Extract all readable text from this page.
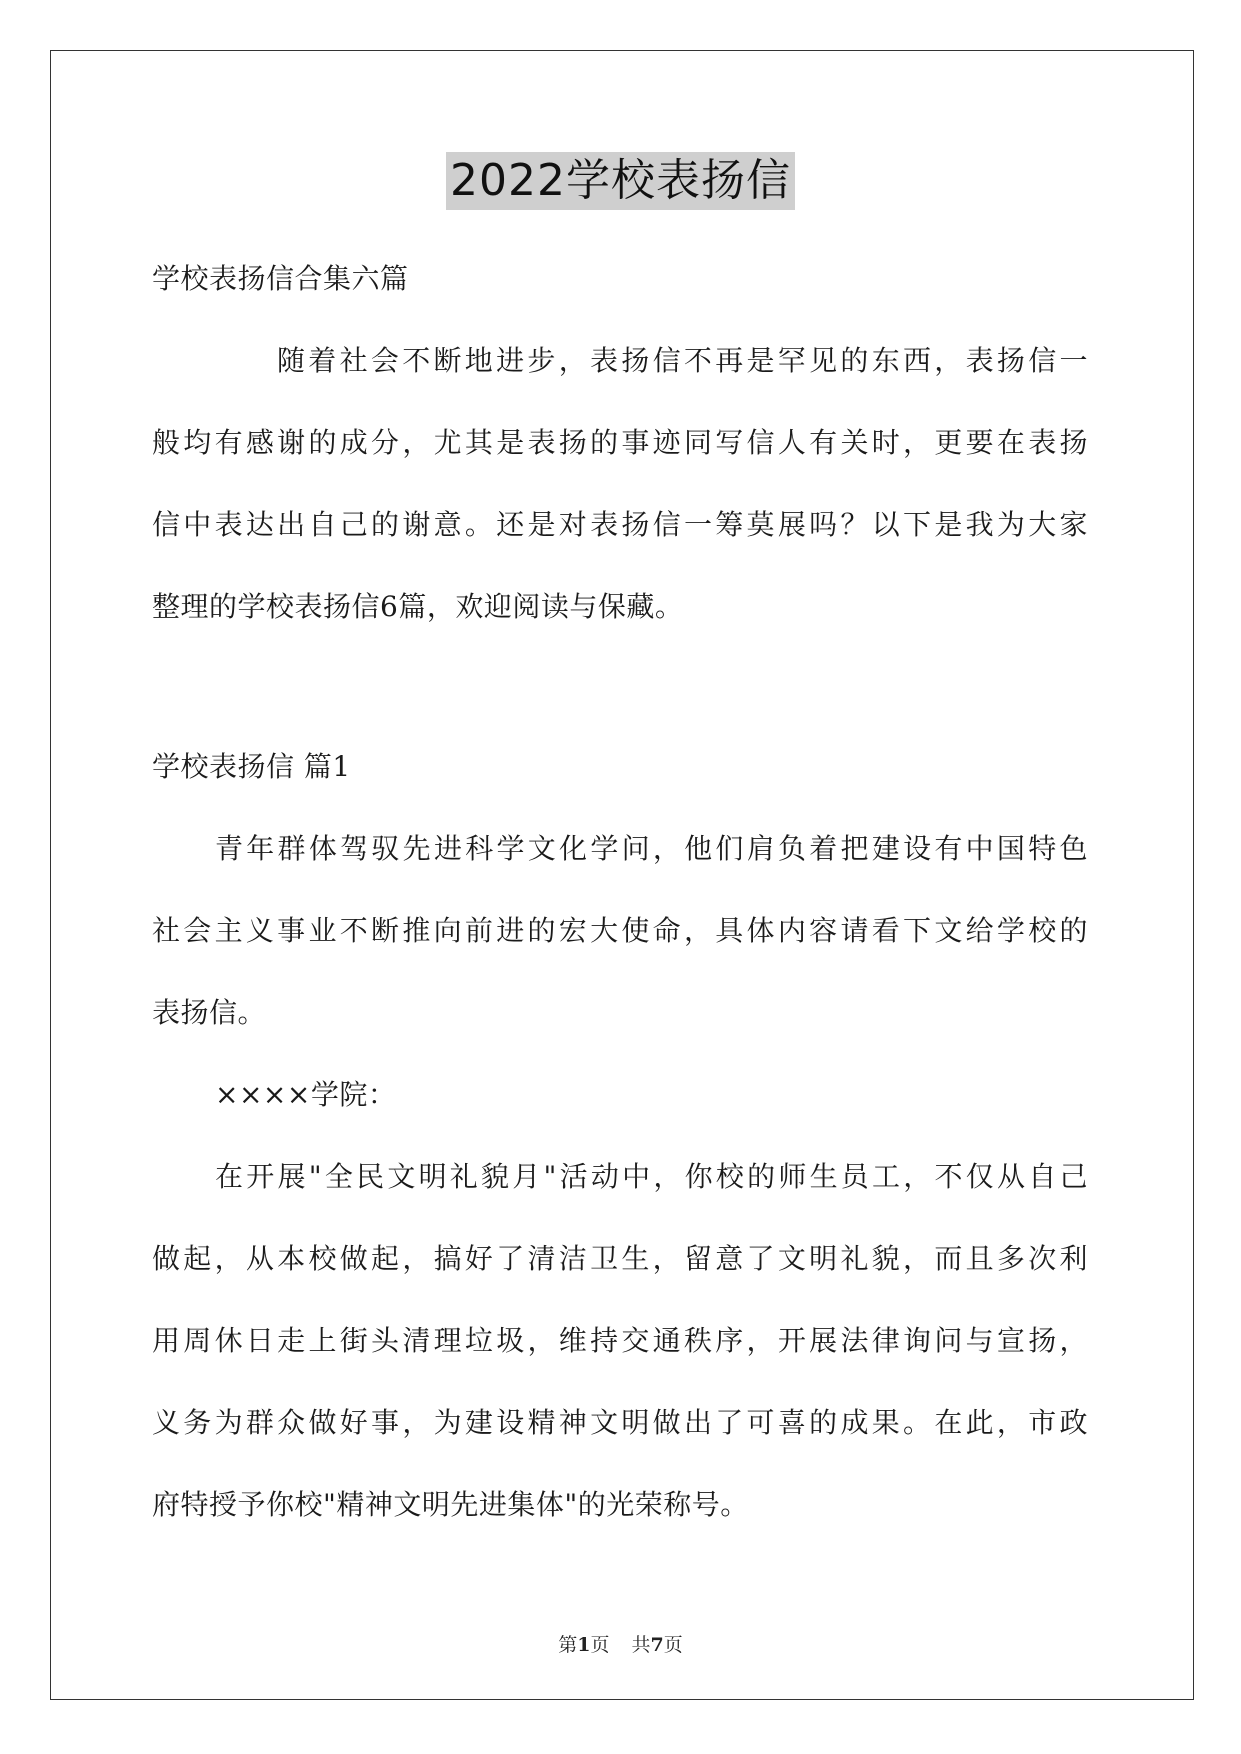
2022学校表扬信
学校表扬信合集六篇
随着社会不断地进步，表扬信不再是罕见的东西，表扬信一
般均有感谢的成分，尤其是表扬的事迹同写信人有关时，更要在表扬
信中表达出自己的谢意。还是对表扬信一筹莫展吗？以下是我为大家
整理的学校表扬信6篇，欢迎阅读与保藏。
学校表扬信 篇1
青年群体驾驭先进科学文化学问，他们肩负着把建设有中国特色
社会主义事业不断推向前进的宏大使命，具体内容请看下文给学校的
表扬信。
××××学院：
在开展"全民文明礼貌月"活动中，你校的师生员工，不仅从自己
做起，从本校做起，搞好了清洁卫生，留意了文明礼貌，而且多次利
用周休日走上街头清理垃圾，维持交通秩序，开展法律询问与宣扬，
义务为群众做好事，为建设精神文明做出了可喜的成果。在此，市政
府特授予你校"精神文明先进集体"的光荣称号。
第1页 共7页
